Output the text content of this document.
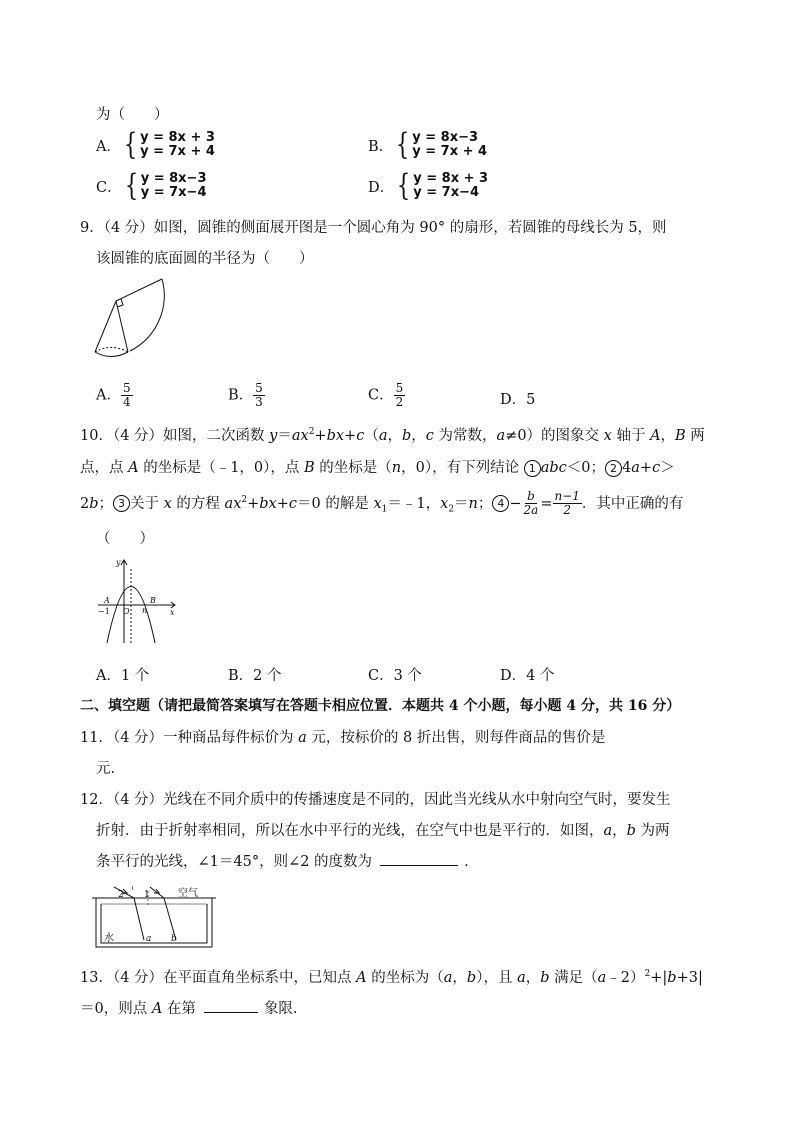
为（　　）
A． { y = 8x + 3
y = 7x + 4	B． { y = 8x−3
y = 7x + 4
C． { y = 8x−3
y = 7x−4	D． { y = 8x + 3
y = 7x−4
9．（4 分）如图，圆锥的侧面展开图是一个圆心角为 90° 的扇形，若圆锥的母线长为 5，则
该圆锥的底面圆的半径为（　　）
A． $\frac{5}{4}$	B． $\frac{5}{3}$	C． $\frac{5}{2}$	D．5
10．（4 分）如图，二次函数 $y=ax^2+bx+c(a$，b，c 为常数，a≠0）的图象交 x 轴于 A，B 两
点，点 A 的坐标是（﹣1，0），点 B 的坐标是（n，0），有下列结论 1 abc＜0； 2 4a+c＞
2b； 3 关于 x 的方程 $ax^2+bx+c=0$ 的解是 $x_1=﹣1$，$x_2=n$； $4 - \frac{b}{2a} = \frac{n-1}{2}$ ．其中正确的有
（　　）
y
A	B
O n	x
−1
A．1 个	B．2 个	C．3 个	D．4 个
二、填空题（请把最简答案填写在答题卡相应位置．本题共 4 个小题，每小题 4 分，共 16 分）
11．（4 分）一种商品每件标价为 a 元，按标价的 8 折出售，则每件商品的售价是
元.
12．（4 分）光线在不同介质中的传播速度是不同的，因此当光线从水中射向空气时，要发生
折射．由于折射率相同，所以在水中平行的光线，在空气中也是平行的．如图，a，b 为两
条平行的光线，∠1＝45°，则∠2 的度数为	．
2 1	空气
水	a b
13．（4 分）在平面直角坐标系中，已知点 A 的坐标为（a，b），且 a，b 满足（a﹣2）$^2$+|b+3|
＝0，则点 A 在第	象限.
